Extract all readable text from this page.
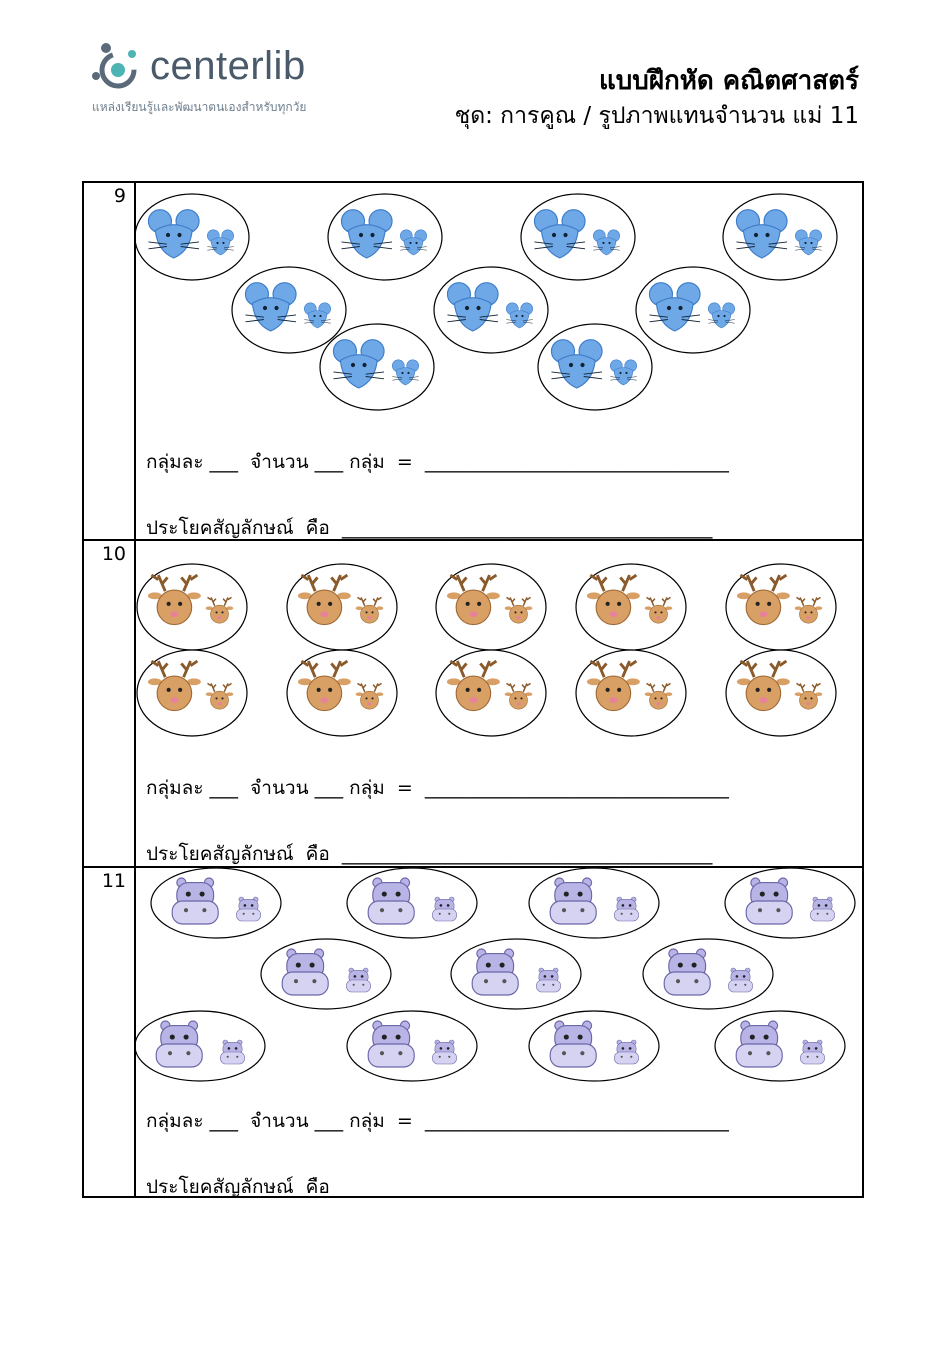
centerlib
แหล่งเรียนรู้และพัฒนาตนเองสำหรับทุกวัย
แบบฝึกหัด คณิตศาสตร์
ชุด: การคูณ / รูปภาพแทนจำนวน แม่ 11
9
กลุ่มละ ___  จำนวน ___ กลุ่ม  =  ________________________________
ประโยคสัญลักษณ์  คือ  _______________________________________
10
กลุ่มละ ___  จำนวน ___ กลุ่ม  =  ________________________________
ประโยคสัญลักษณ์  คือ  _______________________________________
11
กลุ่มละ ___  จำนวน ___ กลุ่ม  =  ________________________________
ประโยคสัญลักษณ์  คือ  _______________________________________
